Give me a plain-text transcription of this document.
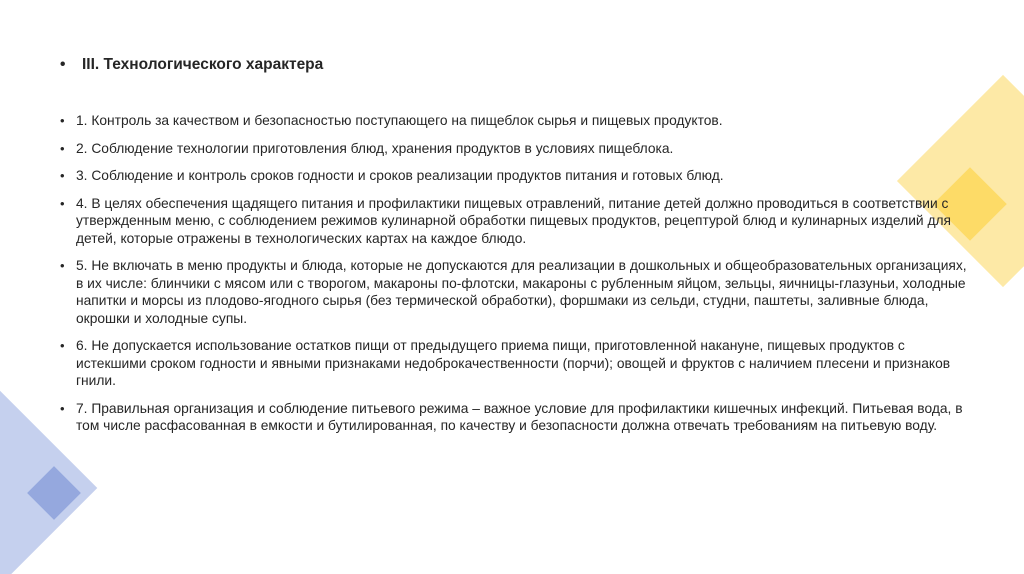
•	III. Технологического характера
• 1. Контроль за качеством и безопасностью поступающего на пищеблок сырья и пищевых продуктов.
• 2. Соблюдение технологии приготовления блюд, хранения продуктов в условиях пищеблока.
• 3. Соблюдение и контроль сроков годности и сроков реализации продуктов питания и готовых блюд.
• 4. В целях обеспечения щадящего питания и профилактики пищевых отравлений, питание детей должно проводиться в соответствии с утвержденным меню, с соблюдением режимов кулинарной обработки пищевых продуктов, рецептурой блюд и кулинарных изделий для детей, которые отражены в технологических картах на каждое блюдо.
• 5. Не включать в меню продукты и блюда, которые не допускаются для реализации в дошкольных и общеобразовательных организациях, в их числе: блинчики с мясом или с творогом, макароны по-флотски, макароны с рубленным яйцом, зельцы, яичницы-глазуньи, холодные напитки и морсы из плодово-ягодного сырья (без термической обработки), форшмаки из сельди, студни, паштеты, заливные блюда, окрошки и холодные супы.
• 6. Не допускается использование остатков пищи от предыдущего приема пищи, приготовленной накануне, пищевых продуктов с истекшими сроком годности и явными признаками недоброкачественности (порчи); овощей и фруктов с наличием плесени и признаков гнили.
• 7. Правильная организация и соблюдение питьевого режима – важное условие для профилактики кишечных инфекций. Питьевая вода, в том числе расфасованная в емкости и бутилированная, по качеству и безопасности должна отвечать требованиям на питьевую воду.
